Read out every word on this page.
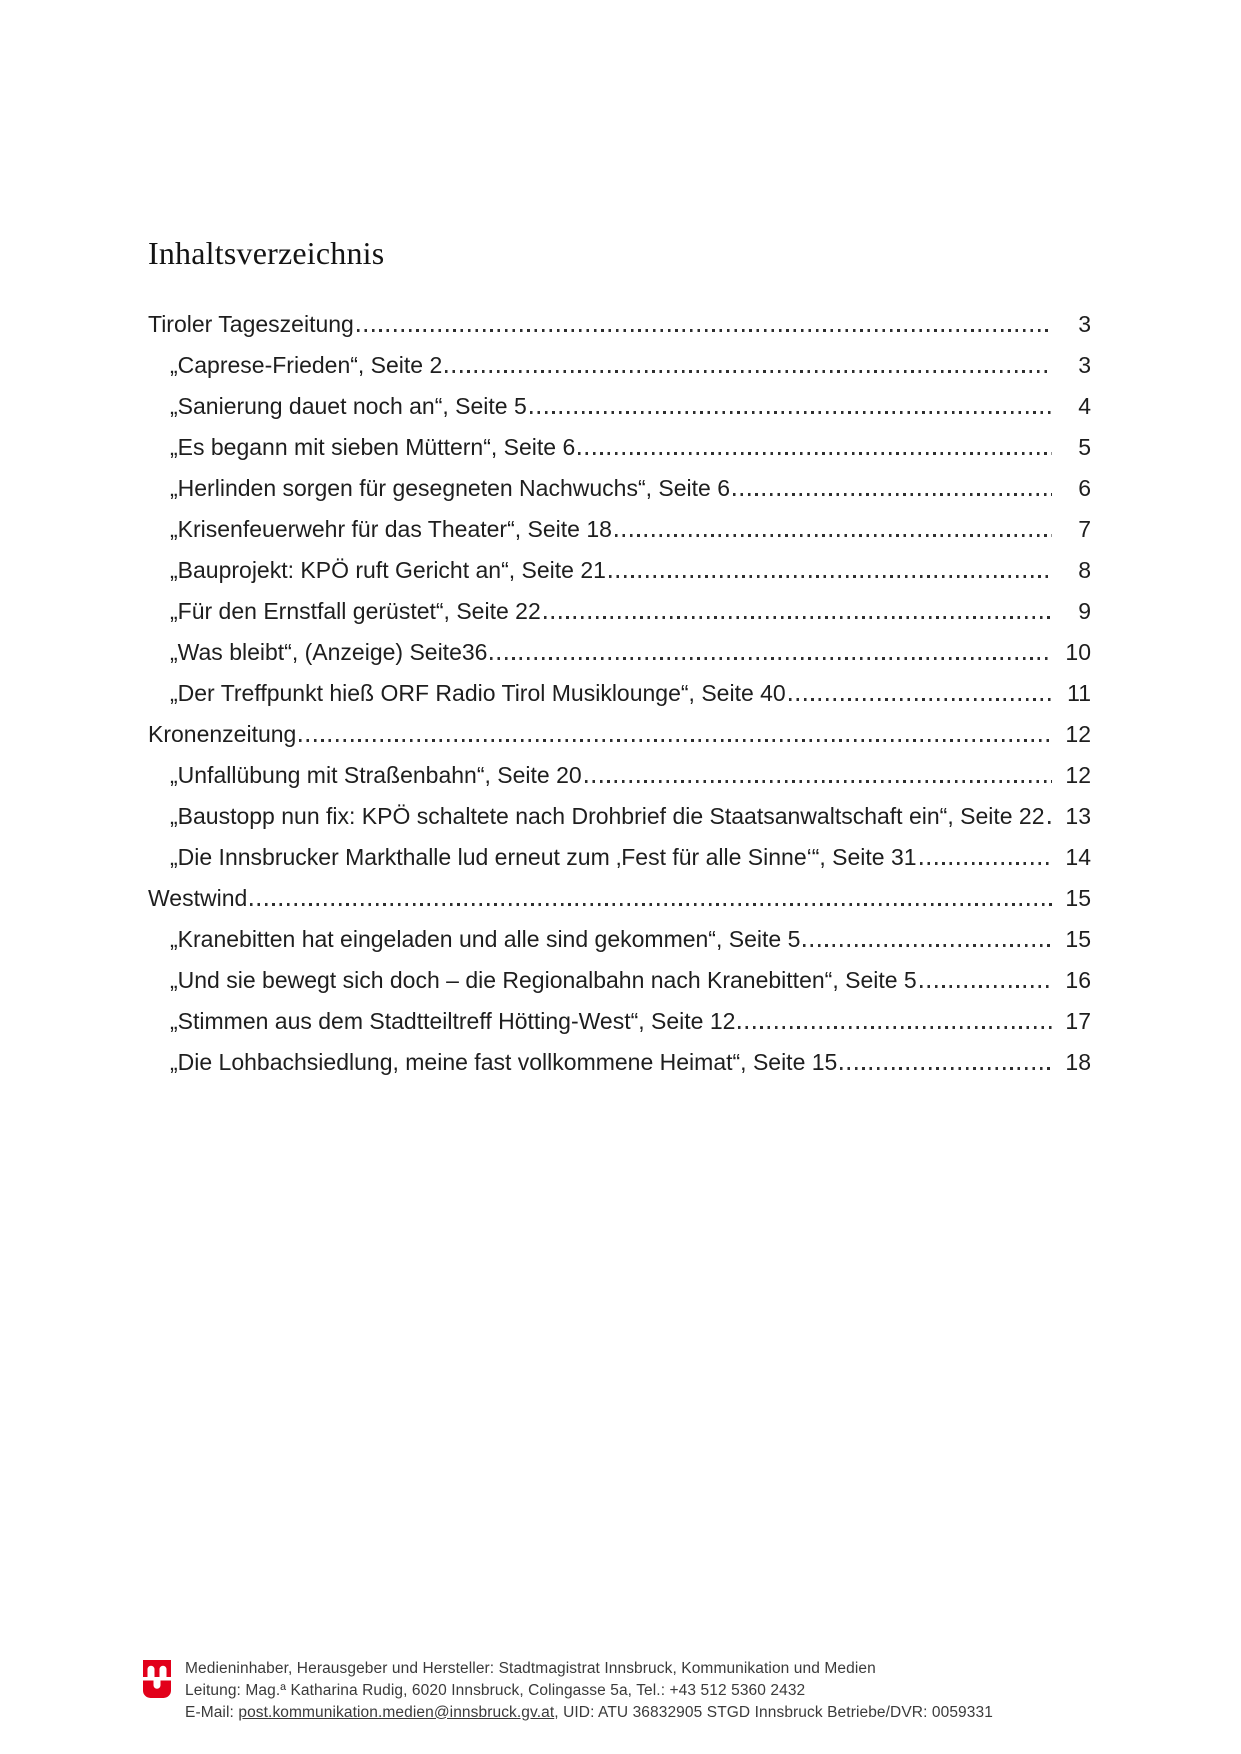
Inhaltsverzeichnis
Tiroler Tageszeitung	3
„Caprese-Frieden“, Seite 2	3
„Sanierung dauet noch an“, Seite 5	4
„Es begann mit sieben Müttern“, Seite 6	5
„Herlinden sorgen für gesegneten Nachwuchs“, Seite 6	6
„Krisenfeuerwehr für das Theater“, Seite 18	7
„Bauprojekt: KPÖ ruft Gericht an“, Seite 21	8
„Für den Ernstfall gerüstet“, Seite 22	9
„Was bleibt“, (Anzeige) Seite36	10
„Der Treffpunkt hieß ORF Radio Tirol Musiklounge“, Seite 40	11
Kronenzeitung	12
„Unfallübung mit Straßenbahn“, Seite 20	12
„Baustopp nun fix: KPÖ schaltete nach Drohbrief die Staatsanwaltschaft ein“, Seite 22 13
„Die Innsbrucker Markthalle lud erneut zum ‚Fest für alle Sinne‘“, Seite 31	14
Westwind	15
„Kranebitten hat eingeladen und alle sind gekommen“, Seite 5	15
„Und sie bewegt sich doch – die Regionalbahn nach Kranebitten“, Seite 5	16
„Stimmen aus dem Stadtteiltreff Hötting-West“, Seite 12	17
„Die Lohbachsiedlung, meine fast vollkommene Heimat“, Seite 15	18
Medieninhaber, Herausgeber und Hersteller: Stadtmagistrat Innsbruck, Kommunikation und Medien
Leitung: Mag.ª Katharina Rudig, 6020 Innsbruck, Colingasse 5a, Tel.: +43 512 5360 2432
E-Mail: post.kommunikation.medien@innsbruck.gv.at, UID: ATU 36832905 STGD Innsbruck Betriebe/DVR: 0059331
